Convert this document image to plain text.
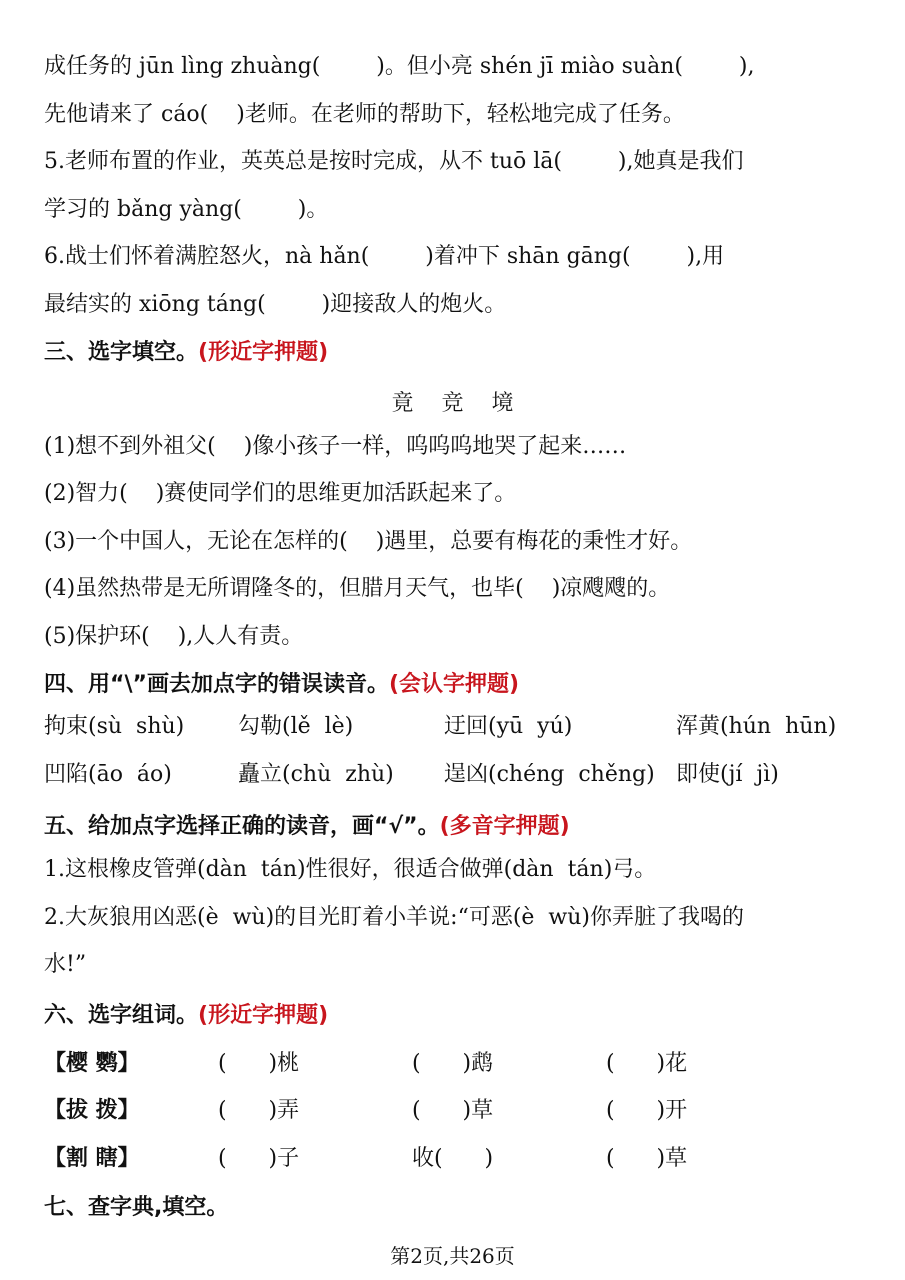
成任务的 jūn lìng zhuàng(        )。但小亮 shén jī miào suàn(        ),
先他请来了 cáo(    )老师。在老师的帮助下，轻松地完成了任务。
5.老师布置的作业，英英总是按时完成，从不 tuō lā(        ),她真是我们
学习的 bǎng yàng(        )。
6.战士们怀着满腔怒火，nà hǎn(        )着冲下 shān gāng(        ),用
最结实的 xiōng táng(        )迎接敌人的炮火。
三、选字填空。(形近字押题)
竟    竞    境
(1)想不到外祖父(    )像小孩子一样，呜呜呜地哭了起来……
(2)智力(    )赛使同学们的思维更加活跃起来了。
(3)一个中国人，无论在怎样的(    )遇里，总要有梅花的秉性才好。
(4)虽然热带是无所谓隆冬的，但腊月天气，也毕(    )凉飕飕的。
(5)保护环(    ),人人有责。
四、用“\”画去加点字的错误读音。(会认字押题)
拘束(sù  shù) 勾勒(lě  lè)	迂回(yū  yú)	浑黄(hún  hūn)
凹陷(āo  áo)	矗立(chù  zhù) 逞凶(chéng  chěng) 即使(jí  jì)
五、给加点字选择正确的读音，画“√”。(多音字押题)
1.这根橡皮管弹(dàn  tán)性很好，很适合做弹(dàn  tán)弓。
2.大灰狼用凶恶(è  wù)的目光盯着小羊说:“可恶(è  wù)你弄脏了我喝的
水!”
六、选字组词。(形近字押题)
【樱 鹦】	(      )桃	(      )鹉	(      )花
【拔 拨】	(      )弄	(      )草	(      )开
【割 瞎】	(      )子	收(      )	(      )草
七、查字典,填空。
第2页,共26页
